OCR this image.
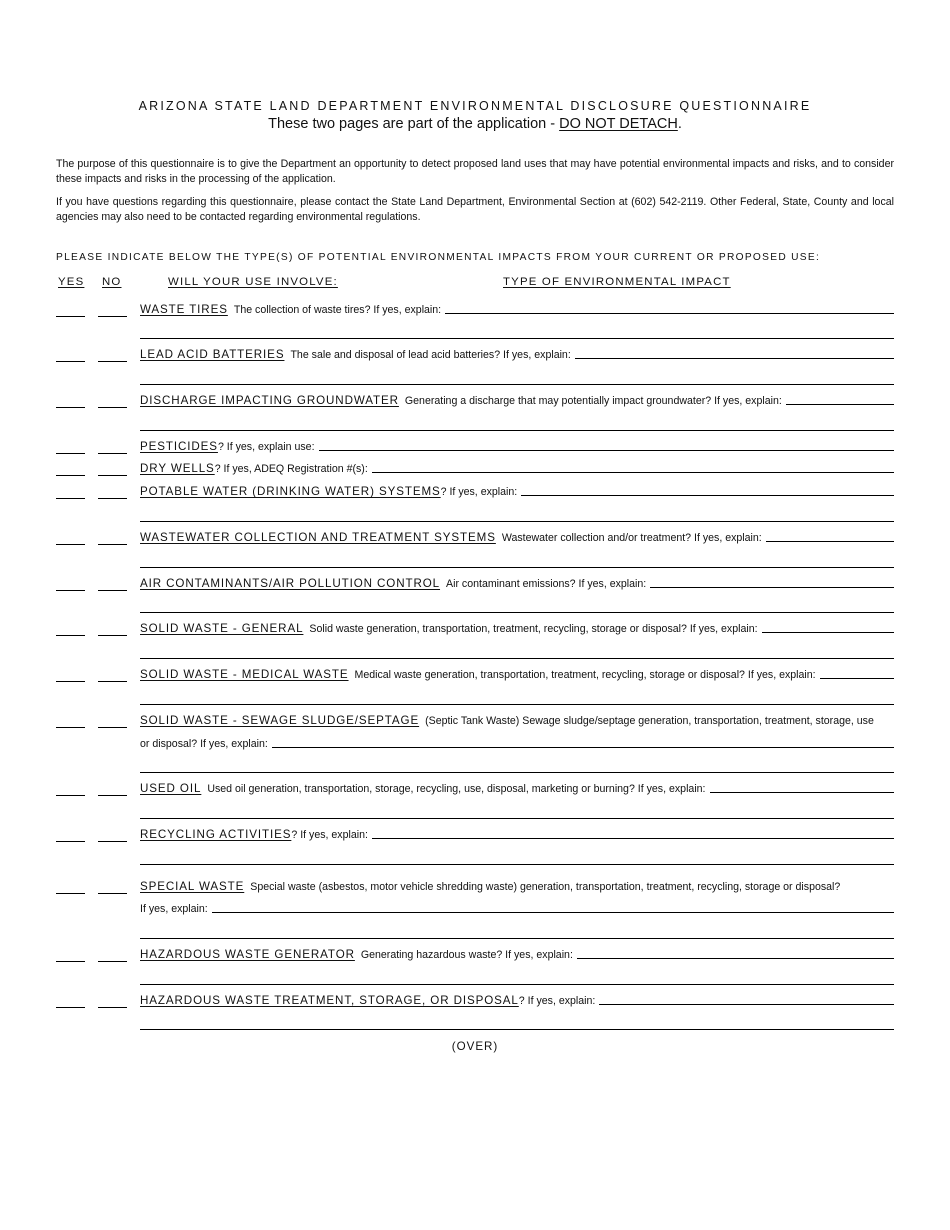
ARIZONA STATE LAND DEPARTMENT ENVIRONMENTAL DISCLOSURE QUESTIONNAIRE
These two pages are part of the application - DO NOT DETACH.
The purpose of this questionnaire is to give the Department an opportunity to detect proposed land uses that may have potential environmental impacts and risks, and to consider these impacts and risks in the processing of the application.
If you have questions regarding this questionnaire, please contact the State Land Department, Environmental Section at (602) 542-2119. Other Federal, State, County and local agencies may also need to be contacted regarding environmental regulations.
PLEASE INDICATE BELOW THE TYPE(S) OF POTENTIAL ENVIRONMENTAL IMPACTS FROM YOUR CURRENT OR PROPOSED USE:
YES NO	WILL YOUR USE INVOLVE:	TYPE OF ENVIRONMENTAL IMPACT
WASTE TIRES The collection of waste tires? If yes, explain:
LEAD ACID BATTERIES The sale and disposal of lead acid batteries? If yes, explain:
DISCHARGE IMPACTING GROUNDWATER Generating a discharge that may potentially impact groundwater? If yes, explain:
PESTICIDES ? If yes, explain use:
DRY WELLS ? If yes, ADEQ Registration #(s):
POTABLE WATER (DRINKING WATER) SYSTEMS ? If yes, explain:
WASTEWATER COLLECTION AND TREATMENT SYSTEMS Wastewater collection and/or treatment? If yes, explain:
AIR CONTAMINANTS/AIR POLLUTION CONTROL Air contaminant emissions? If yes, explain:
SOLID WASTE - GENERAL Solid waste generation, transportation, treatment, recycling, storage or disposal? If yes, explain:
SOLID WASTE - MEDICAL WASTE Medical waste generation, transportation, treatment, recycling, storage or disposal? If yes, explain:
SOLID WASTE - SEWAGE SLUDGE/SEPTAGE (Septic Tank Waste) Sewage sludge/septage generation, transportation, treatment, storage, use
or disposal? If yes, explain:
USED OIL Used oil generation, transportation, storage, recycling, use, disposal, marketing or burning? If yes, explain:
RECYCLING ACTIVITIES ? If yes, explain:
SPECIAL WASTE Special waste (asbestos, motor vehicle shredding waste) generation, transportation, treatment, recycling, storage or disposal?
If yes, explain:
HAZARDOUS WASTE GENERATOR Generating hazardous waste? If yes, explain:
HAZARDOUS WASTE TREATMENT, STORAGE, OR DISPOSAL ? If yes, explain:
(OVER)
